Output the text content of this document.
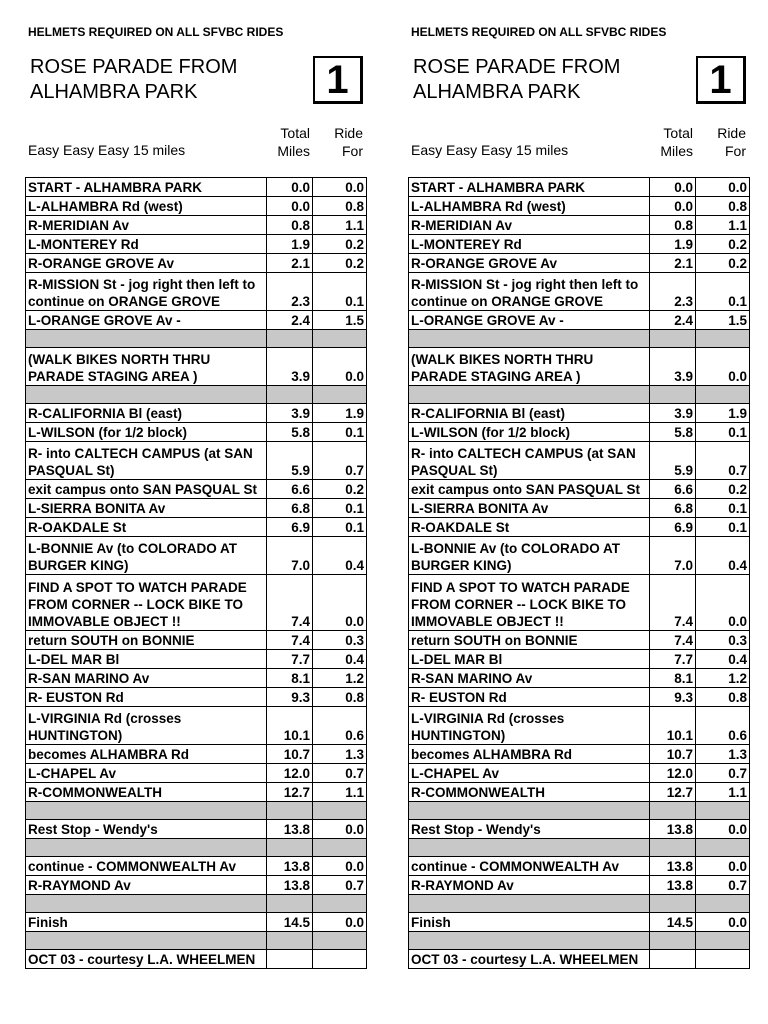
HELMETS REQUIRED ON ALL SFVBC RIDES
ROSE PARADE FROM
ALHAMBRA PARK	1
Total
Miles
Ride
For
Easy Easy Easy 15 miles
START - ALHAMBRA PARK	0.0	0.0
L-ALHAMBRA Rd (west)	0.0	0.8
R-MERIDIAN Av	0.8	1.1
L-MONTEREY Rd	1.9	0.2
R-ORANGE GROVE Av	2.1	0.2
R-MISSION St - jog right then left to continue on ORANGE GROVE	2.3	0.1
L-ORANGE GROVE Av -	2.4	1.5

(WALK BIKES NORTH THRU PARADE STAGING AREA )	3.9	0.0

R-CALIFORNIA Bl (east)	3.9	1.9
L-WILSON (for 1/2 block)	5.8	0.1
R- into CALTECH CAMPUS (at SAN PASQUAL St)	5.9	0.7
exit campus onto SAN PASQUAL St	6.6	0.2
L-SIERRA BONITA Av	6.8	0.1
R-OAKDALE St	6.9	0.1
L-BONNIE Av (to COLORADO AT BURGER KING)	7.0	0.4
FIND A SPOT TO WATCH PARADE FROM CORNER -- LOCK BIKE TO IMMOVABLE OBJECT !!	7.4	0.0
return SOUTH on BONNIE	7.4	0.3
L-DEL MAR Bl	7.7	0.4
R-SAN MARINO Av	8.1	1.2
R- EUSTON Rd	9.3	0.8
L-VIRGINIA Rd (crosses HUNTINGTON)	10.1	0.6
becomes ALHAMBRA Rd	10.7	1.3
L-CHAPEL Av	12.0	0.7
R-COMMONWEALTH	12.7	1.1

Rest Stop - Wendy's	13.8	0.0

continue - COMMONWEALTH Av	13.8	0.0
R-RAYMOND Av	13.8	0.7

Finish	14.5	0.0

OCT 03 - courtesy L.A. WHEELMEN		
HELMETS REQUIRED ON ALL SFVBC RIDES
ROSE PARADE FROM
ALHAMBRA PARK	1
Total
Miles
Ride
For
Easy Easy Easy 15 miles
START - ALHAMBRA PARK	0.0	0.0
L-ALHAMBRA Rd (west)	0.0	0.8
R-MERIDIAN Av	0.8	1.1
L-MONTEREY Rd	1.9	0.2
R-ORANGE GROVE Av	2.1	0.2
R-MISSION St - jog right then left to continue on ORANGE GROVE	2.3	0.1
L-ORANGE GROVE Av -	2.4	1.5

(WALK BIKES NORTH THRU PARADE STAGING AREA )	3.9	0.0

R-CALIFORNIA Bl (east)	3.9	1.9
L-WILSON (for 1/2 block)	5.8	0.1
R- into CALTECH CAMPUS (at SAN PASQUAL St)	5.9	0.7
exit campus onto SAN PASQUAL St	6.6	0.2
L-SIERRA BONITA Av	6.8	0.1
R-OAKDALE St	6.9	0.1
L-BONNIE Av (to COLORADO AT BURGER KING)	7.0	0.4
FIND A SPOT TO WATCH PARADE FROM CORNER -- LOCK BIKE TO IMMOVABLE OBJECT !!	7.4	0.0
return SOUTH on BONNIE	7.4	0.3
L-DEL MAR Bl	7.7	0.4
R-SAN MARINO Av	8.1	1.2
R- EUSTON Rd	9.3	0.8
L-VIRGINIA Rd (crosses HUNTINGTON)	10.1	0.6
becomes ALHAMBRA Rd	10.7	1.3
L-CHAPEL Av	12.0	0.7
R-COMMONWEALTH	12.7	1.1

Rest Stop - Wendy's	13.8	0.0

continue - COMMONWEALTH Av	13.8	0.0
R-RAYMOND Av	13.8	0.7

Finish	14.5	0.0

OCT 03 - courtesy L.A. WHEELMEN		
